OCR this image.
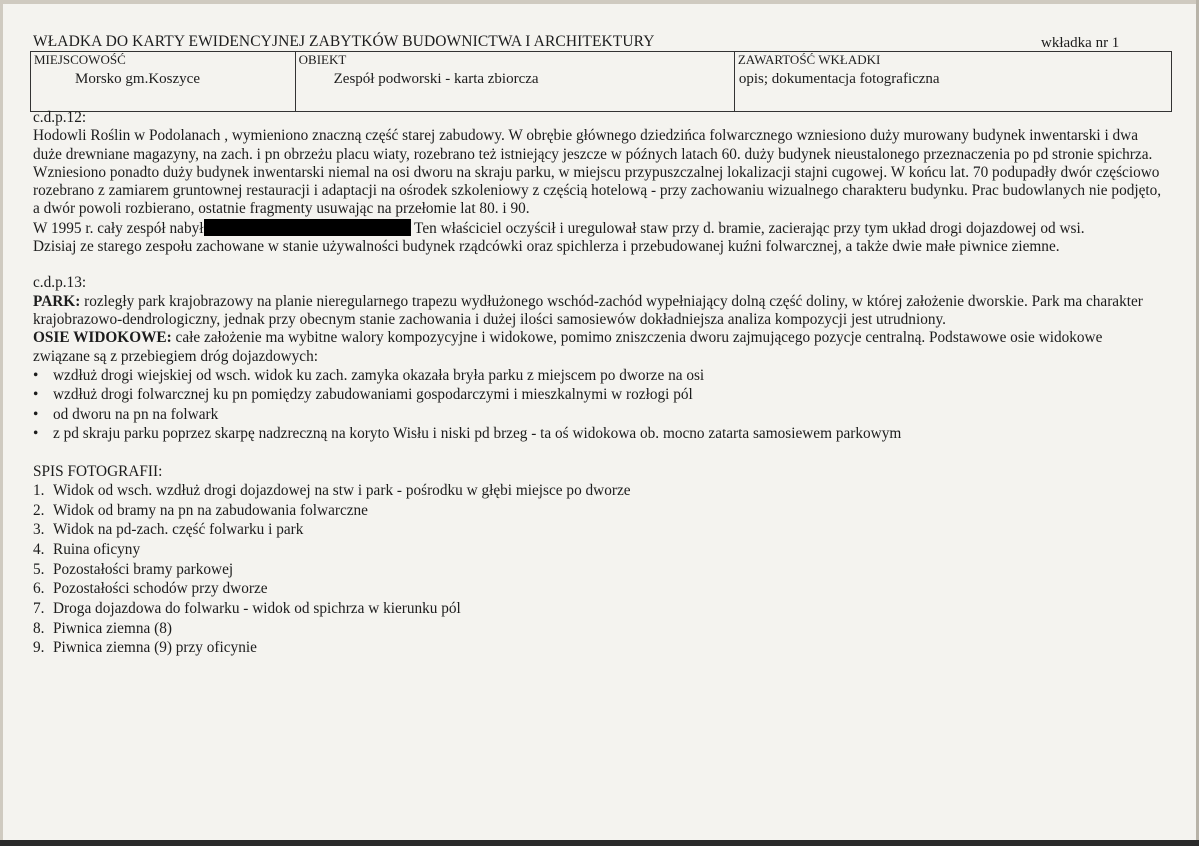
WŁADKA DO KARTY EWIDENCYJNEJ ZABYTKÓW BUDOWNICTWA I ARCHITEKTURY	wkładka nr 1
MIEJSCOWOŚĆ
Morsko gm.Koszyce

OBIEKT
Zespół podworski - karta zbiorcza

ZAWARTOŚĆ WKŁADKI
opis; dokumentacja fotograficzna

c.d.p.12:

Hodowli Roślin w Podolanach , wymieniono znaczną część starej zabudowy. W obrębie głównego dziedzińca folwarcznego wzniesiono duży murowany budynek inwentarski i dwa duże drewniane magazyny, na zach. i pn obrzeżu placu wiaty, rozebrano też istniejący jeszcze w późnych latach 60. duży budynek nieustalonego przeznaczenia po pd stronie spichrza. Wzniesiono ponadto duży budynek inwentarski niemal na osi dworu na skraju parku, w miejscu przypuszczalnej lokalizacji stajni cugowej. W końcu lat. 70 podupadły dwór częściowo rozebrano z zamiarem gruntownej restauracji i adaptacji na ośrodek szkoleniowy z częścią hotelową - przy zachowaniu wizualnego charakteru budynku. Prac budowlanych nie podjęto, a dwór powoli rozbierano, ostatnie fragmenty usuwając na przełomie lat 80. i 90.

W 1995 r. cały zespół nabył	Ten właściciel oczyścił i uregulował staw przy d. bramie, zacierając przy tym układ drogi dojazdowej od wsi.

Dzisiaj ze starego zespołu zachowane w stanie używalności budynek rządcówki oraz spichlerza i przebudowanej kuźni folwarcznej, a także dwie małe piwnice ziemne.

c.d.p.13:

PARK: rozległy park krajobrazowy na planie nieregularnego trapezu wydłużonego wschód-zachód wypełniający dolną część doliny, w której założenie dworskie. Park ma charakter krajobrazowo-dendrologiczny, jednak przy obecnym stanie zachowania i dużej ilości samosiewów dokładniejsza analiza kompozycji jest utrudniony.

OSIE WIDOKOWE: całe założenie ma wybitne walory kompozycyjne i widokowe, pomimo zniszczenia dworu zajmującego pozycje centralną. Podstawowe osie widokowe związane są z przebiegiem dróg dojazdowych:

• wzdłuż drogi wiejskiej od wsch. widok ku zach. zamyka okazała bryła parku z miejscem po dworze na osi
• wzdłuż drogi folwarcznej ku pn pomiędzy zabudowaniami gospodarczymi i mieszkalnymi w rozłogi pól
• od dworu na pn na folwark
• z pd skraju parku poprzez skarpę nadzreczną na koryto Wisłu i niski pd brzeg - ta oś widokowa ob. mocno zatarta samosiewem parkowym

SPIS FOTOGRAFII:

1. Widok od wsch. wzdłuż drogi dojazdowej na stw i park - pośrodku w głębi miejsce po dworze
2. Widok od bramy na pn na zabudowania folwarczne
3. Widok na pd-zach. część folwarku i park
4. Ruina oficyny
5. Pozostałości bramy parkowej
6. Pozostałości schodów przy dworze
7. Droga dojazdowa do folwarku - widok od spichrza w kierunku pól
8. Piwnica ziemna (8)
9. Piwnica ziemna (9) przy oficynie
